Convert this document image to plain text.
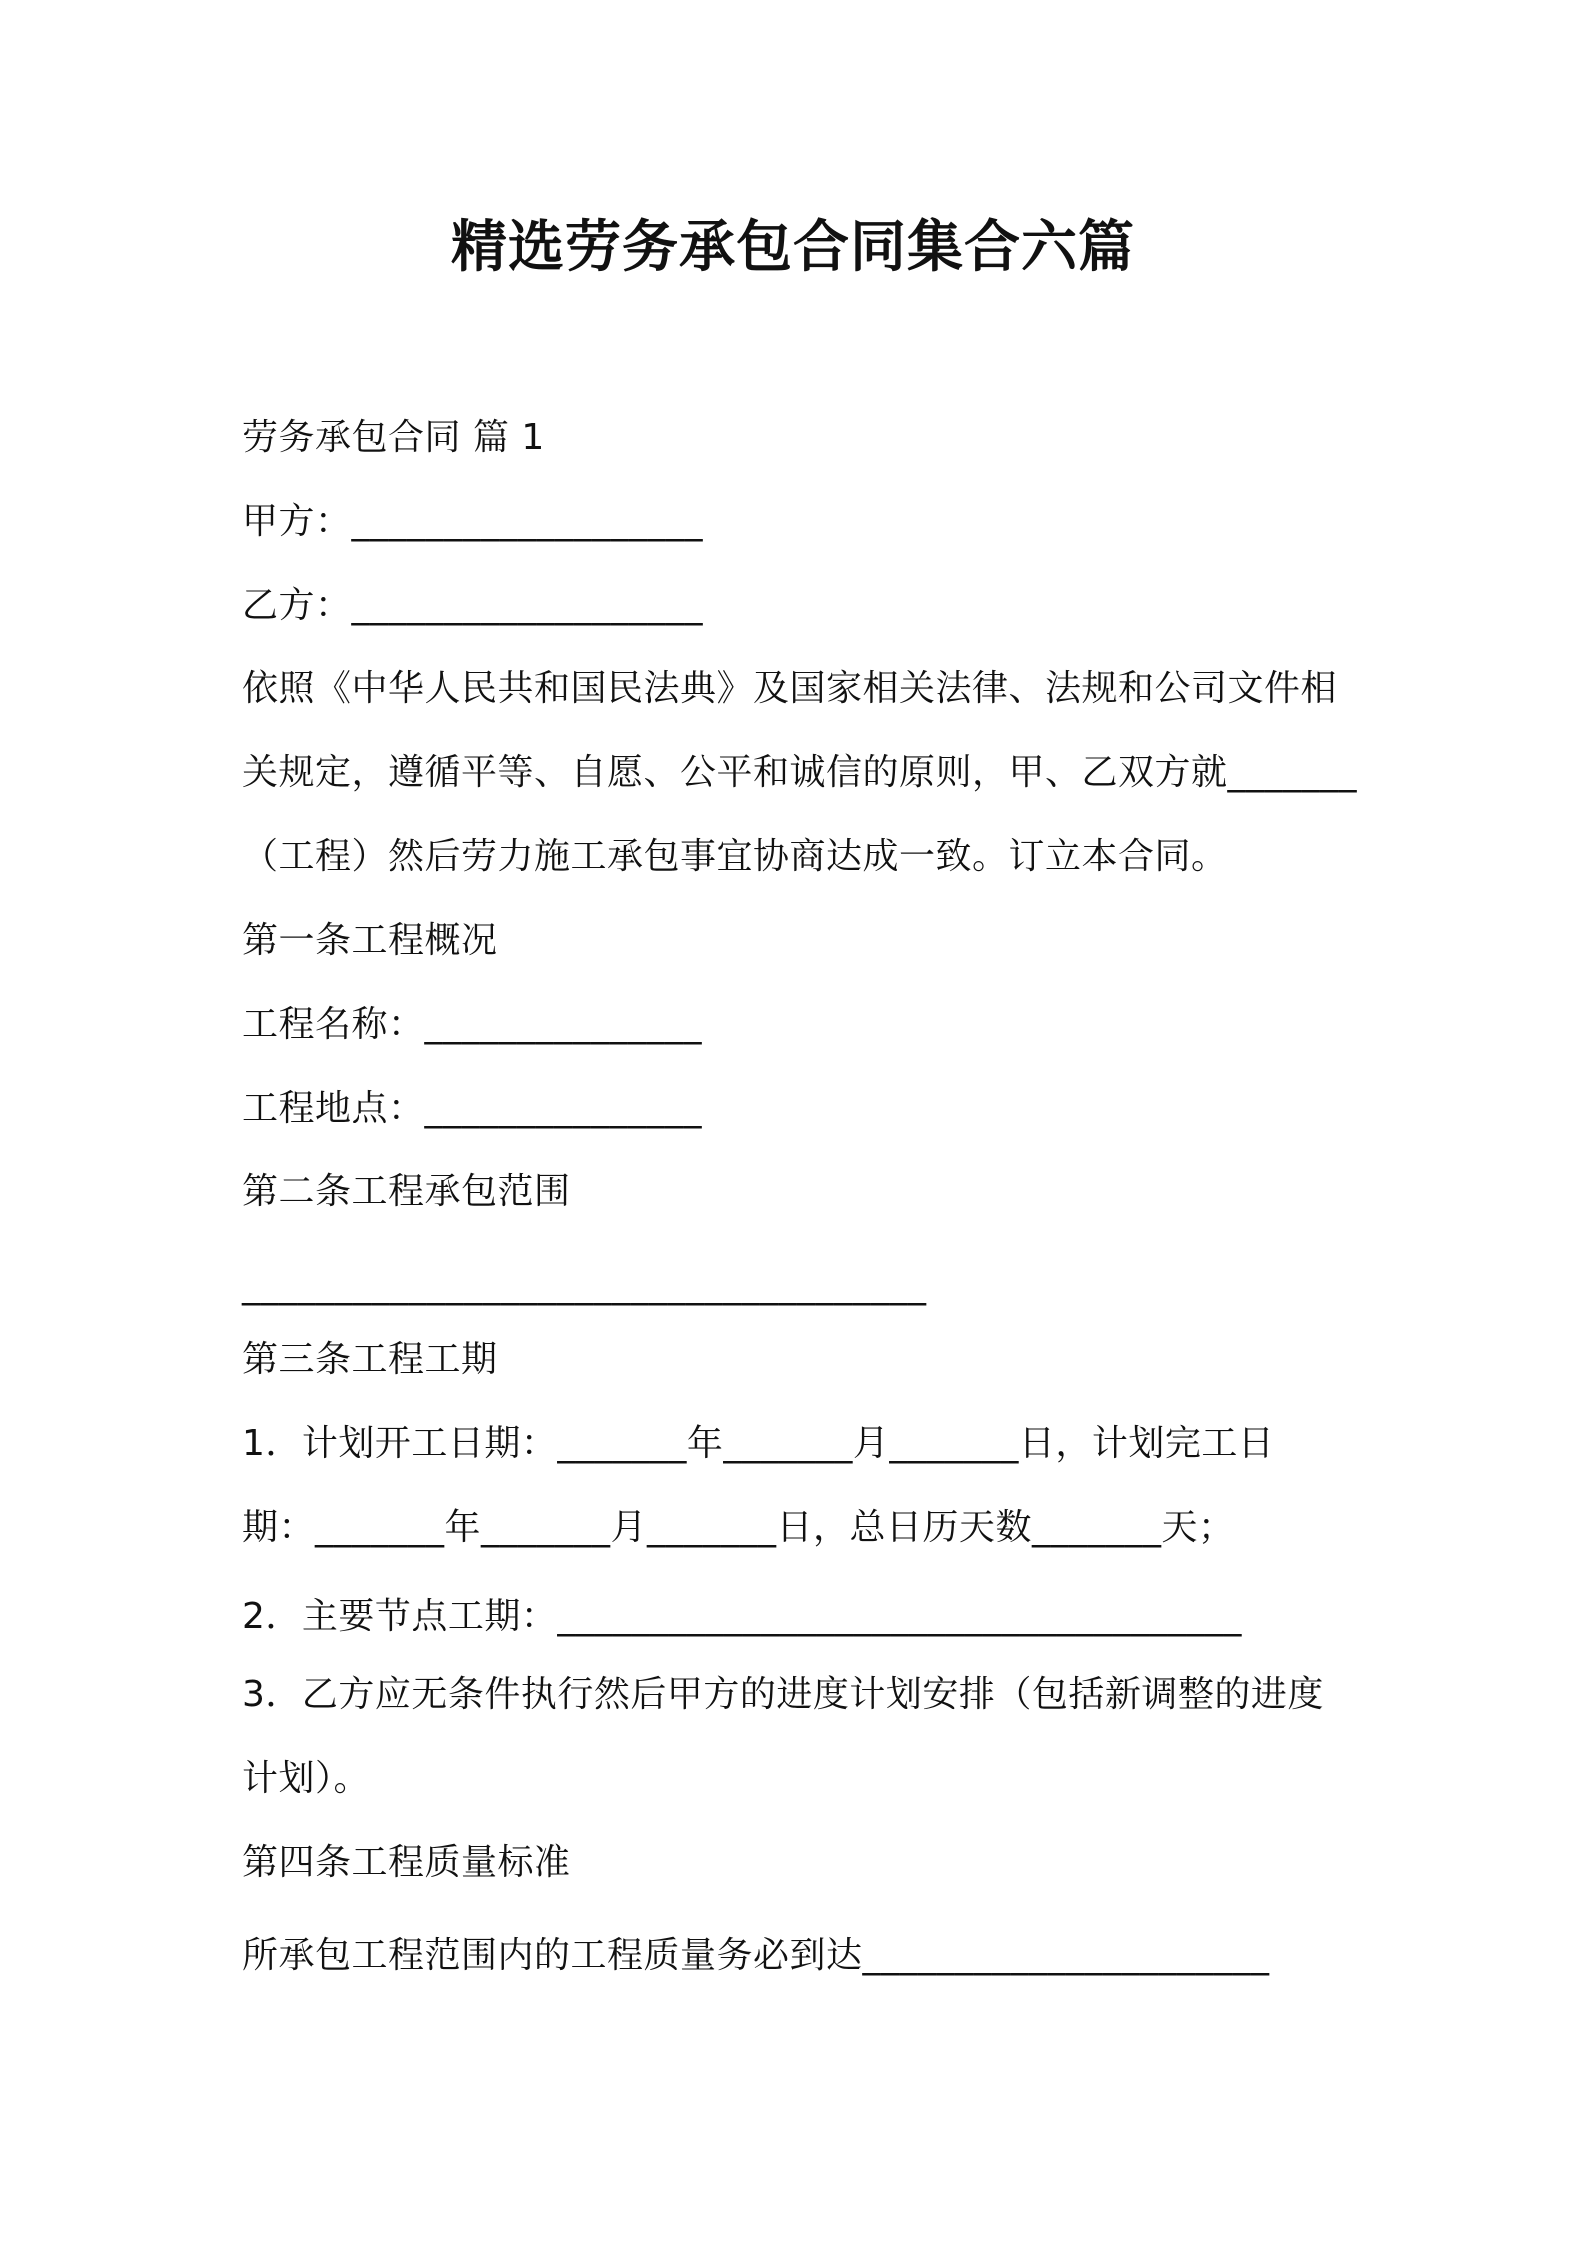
精选劳务承包合同集合六篇
劳务承包合同 篇 1
甲方：___________________
乙方：___________________
依照《中华人民共和国民法典》及国家相关法律、法规和公司文件相
关规定，遵循平等、自愿、公平和诚信的原则，甲、乙双方就_______
（工程）然后劳力施工承包事宜协商达成一致。订立本合同。
第一条工程概况
工程名称：_______________
工程地点：_______________
第二条工程承包范围
_____________________________________
第三条工程工期
1．计划开工日期：_______年_______月_______日，计划完工日
期：_______年_______月_______日，总日历天数_______天；
2．主要节点工期：_____________________________________
3．乙方应无条件执行然后甲方的进度计划安排（包括新调整的进度
计划）。
第四条工程质量标准
所承包工程范围内的工程质量务必到达______________________
